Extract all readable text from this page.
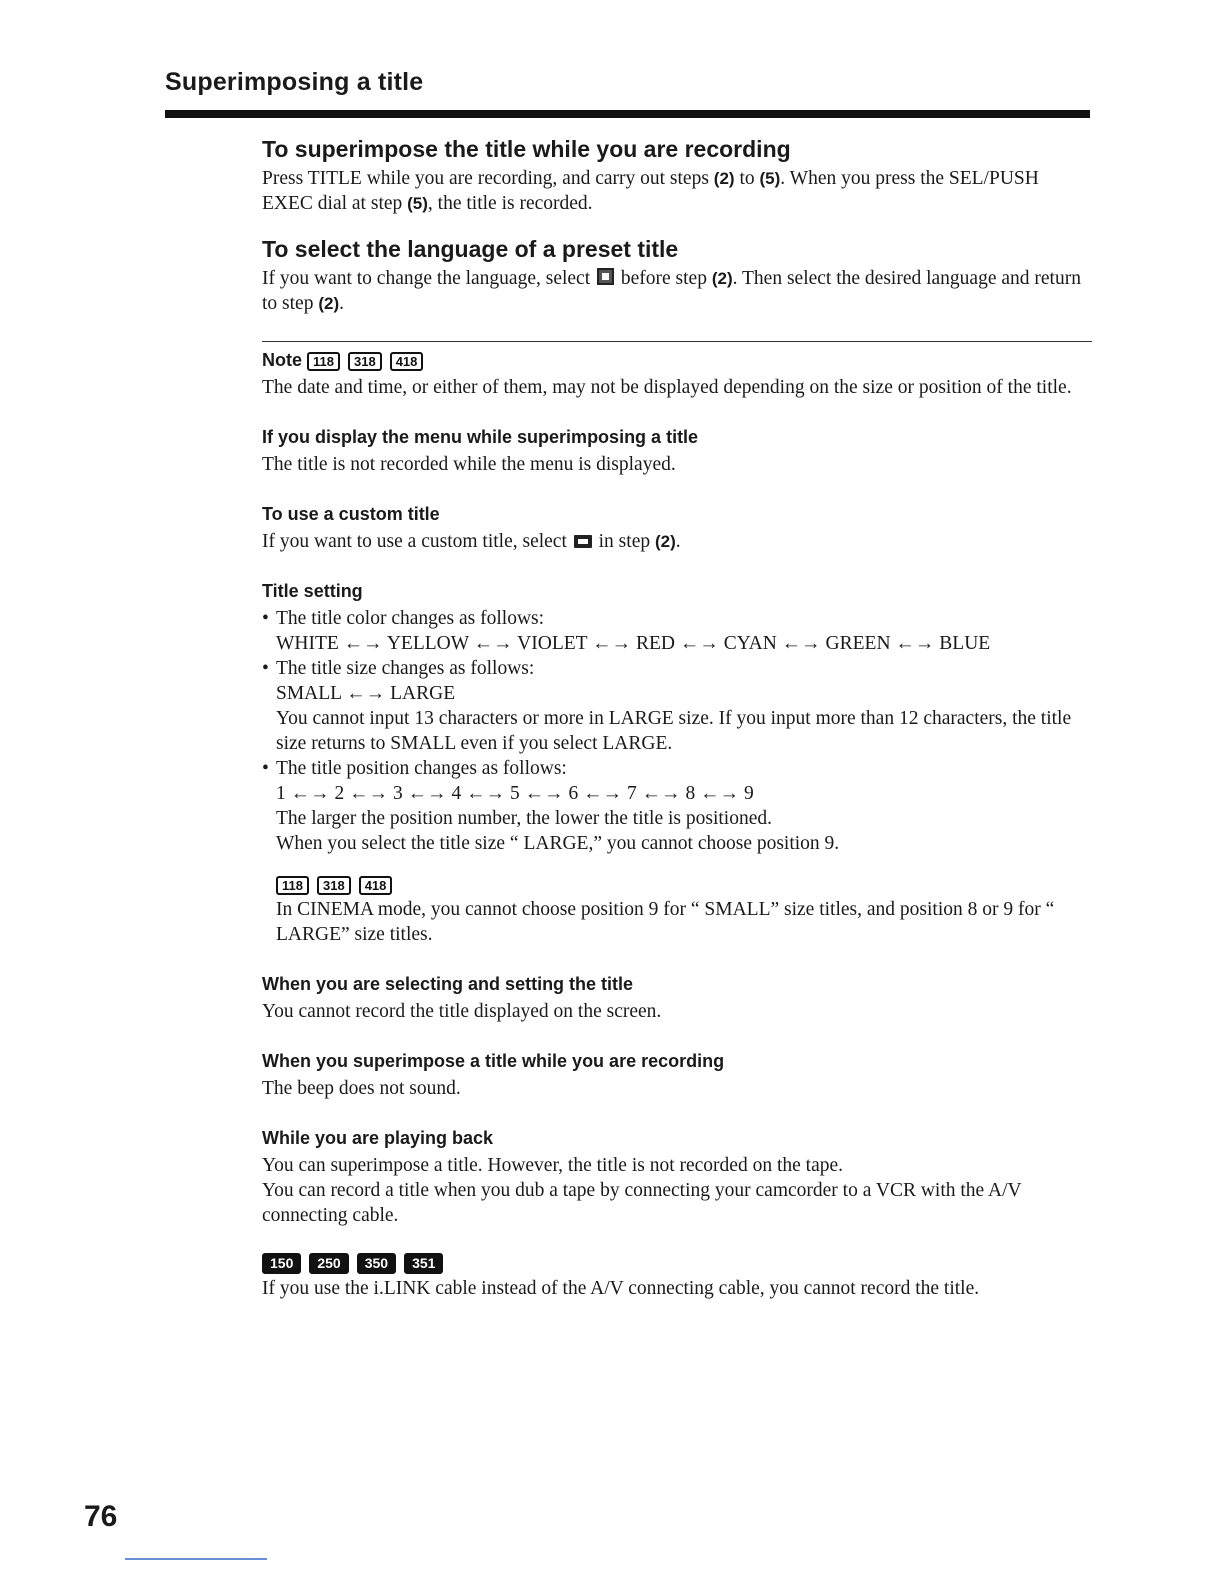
Superimposing a title
To superimpose the title while you are recording

Press TITLE while you are recording, and carry out steps (2) to (5). When you press the SEL/PUSH EXEC dial at step (5), the title is recorded.

To select the language of a preset title

If you want to change the language, select  before step (2). Then select the desired language and return to step (2).

Note 118 318 418

The date and time, or either of them, may not be displayed depending on the size or position of the title.

If you display the menu while superimposing a title

The title is not recorded while the menu is displayed.

To use a custom title

If you want to use a custom title, select  in step (2).

Title setting
• The title color changes as follows:
WHITE ←→ YELLOW ←→ VIOLET ←→ RED ←→ CYAN ←→ GREEN ←→ BLUE
• The title size changes as follows:
SMALL ←→ LARGE
You cannot input 13 characters or more in LARGE size. If you input more than 12 characters, the title size returns to SMALL even if you select LARGE.
• The title position changes as follows:
1 ←→ 2 ←→ 3 ←→ 4 ←→ 5 ←→ 6 ←→ 7 ←→ 8 ←→ 9
The larger the position number, the lower the title is positioned.
When you select the title size “ LARGE,” you cannot choose position 9.
118 318 418

In CINEMA mode, you cannot choose position 9 for “ SMALL” size titles, and position 8 or 9 for “ LARGE” size titles.

When you are selecting and setting the title

You cannot record the title displayed on the screen.

When you superimpose a title while you are recording

The beep does not sound.

While you are playing back

You can superimpose a title. However, the title is not recorded on the tape.

You can record a title when you dub a tape by connecting your camcorder to a VCR with the A/V connecting cable.

150 250 350 351

If you use the i.LINK cable instead of the A/V connecting cable, you cannot record the title.

76
